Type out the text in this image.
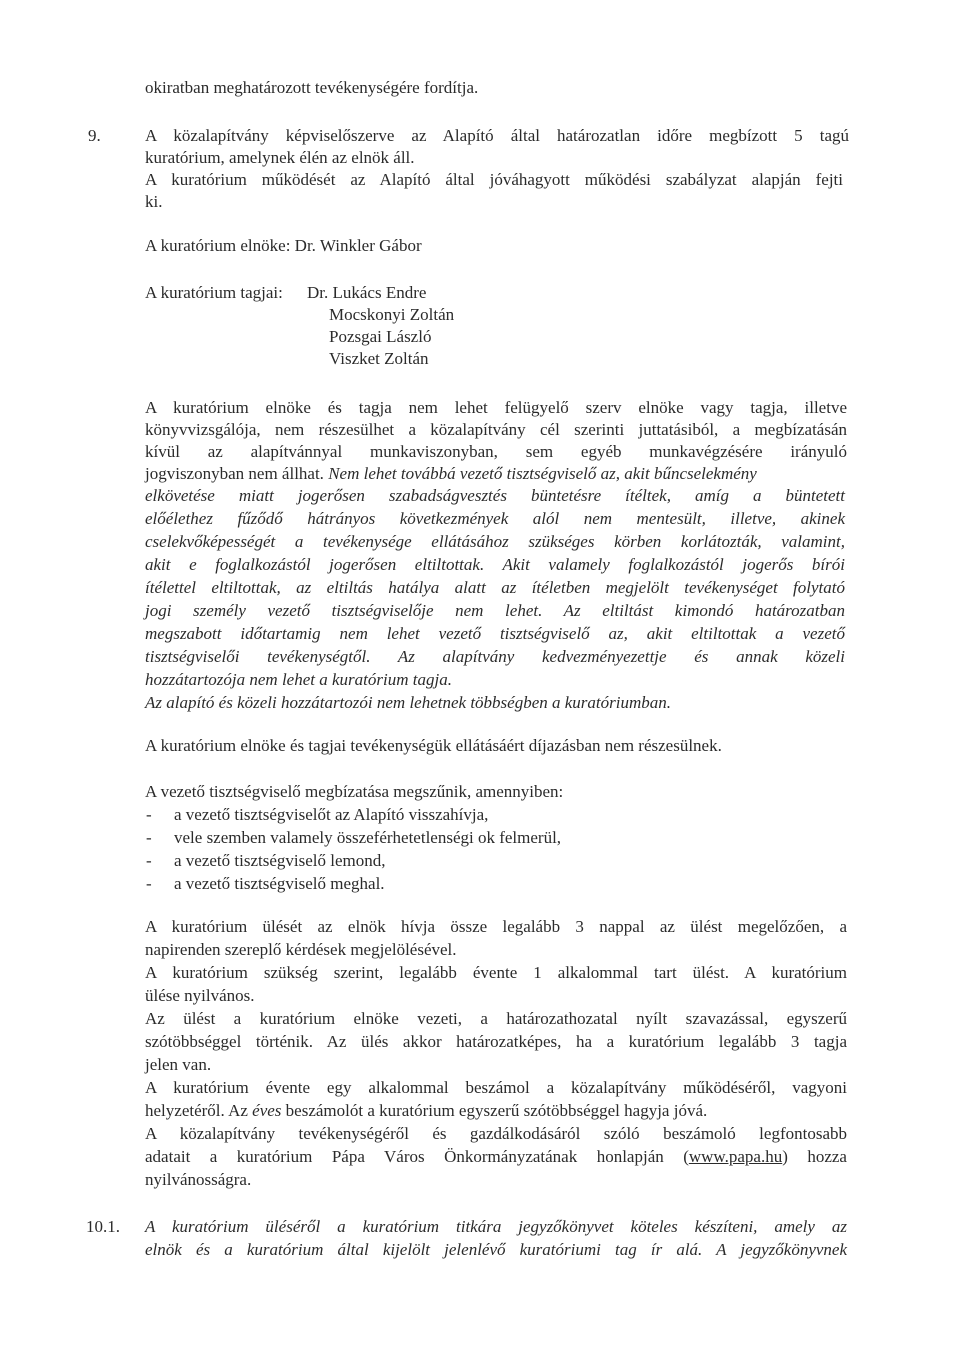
okiratban meghatározott tevékenységére fordítja.
9.	A közalapítvány képviselőszerve az Alapító által határozatlan időre megbízott 5 tagú
kuratórium, amelynek élén az elnök áll.
A kuratórium működését az Alapító által jóváhagyott működési szabályzat alapján fejti
ki.
A kuratórium elnöke: Dr. Winkler Gábor
A kuratórium tagjai: Dr. Lukács Endre
Mocskonyi Zoltán
Pozsgai László
Viszket Zoltán
A kuratórium elnöke és tagja nem lehet felügyelő szerv elnöke vagy tagja, illetve
könyvvizsgálója, nem részesülhet a közalapítvány cél szerinti juttatásiból, a megbízatásán
kívül az alapítvánnyal munkaviszonyban, sem egyéb munkavégzésére irányuló
jogviszonyban nem állhat. Nem lehet továbbá vezető tisztségviselő az, akit bűncselekmény
elkövetése miatt jogerősen szabadságvesztés büntetésre ítéltek, amíg a büntetett
előélethez fűződő hátrányos következmények alól nem mentesült, illetve, akinek
cselekvőképességét a tevékenysége ellátásához szükséges körben korlátozták, valamint,
akit e foglalkozástól jogerősen eltiltottak. Akit valamely foglalkozástól jogerős bírói
ítélettel eltiltottak, az eltiltás hatálya alatt az ítéletben megjelölt tevékenységet folytató
jogi személy vezető tisztségviselője nem lehet. Az eltiltást kimondó határozatban
megszabott időtartamig nem lehet vezető tisztségviselő az, akit eltiltottak a vezető
tisztségviselői tevékenységtől. Az alapítvány kedvezményezettje és annak közeli
hozzátartozója nem lehet a kuratórium tagja.
Az alapító és közeli hozzátartozói nem lehetnek többségben a kuratóriumban.
A kuratórium elnöke és tagjai tevékenységük ellátásáért díjazásban nem részesülnek.
A vezető tisztségviselő megbízatása megszűnik, amennyiben:
- a vezető tisztségviselőt az Alapító visszahívja,
- vele szemben valamely összeférhetetlenségi ok felmerül,
- a vezető tisztségviselő lemond,
- a vezető tisztségviselő meghal.
A kuratórium ülését az elnök hívja össze legalább 3 nappal az ülést megelőzően, a
napirenden szereplő kérdések megjelölésével.
A kuratórium szükség szerint, legalább évente 1 alkalommal tart ülést. A kuratórium
ülése nyilvános.
Az ülést a kuratórium elnöke vezeti, a határozathozatal nyílt szavazással, egyszerű
szótöbbséggel történik. Az ülés akkor határozatképes, ha a kuratórium legalább 3 tagja
jelen van.
A kuratórium évente egy alkalommal beszámol a közalapítvány működéséről, vagyoni
helyzetéről. Az éves beszámolót a kuratórium egyszerű szótöbbséggel hagyja jóvá.
A közalapítvány tevékenységéről és gazdálkodásáról szóló beszámoló legfontosabb
adatait a kuratórium Pápa Város Önkormányzatának honlapján (www.papa.hu) hozza
nyilvánosságra.
10.1. A kuratórium üléséről a kuratórium titkára jegyzőkönyvet köteles készíteni, amely az
elnök és a kuratórium által kijelölt jelenlévő kuratóriumi tag ír alá. A jegyzőkönyvnek
